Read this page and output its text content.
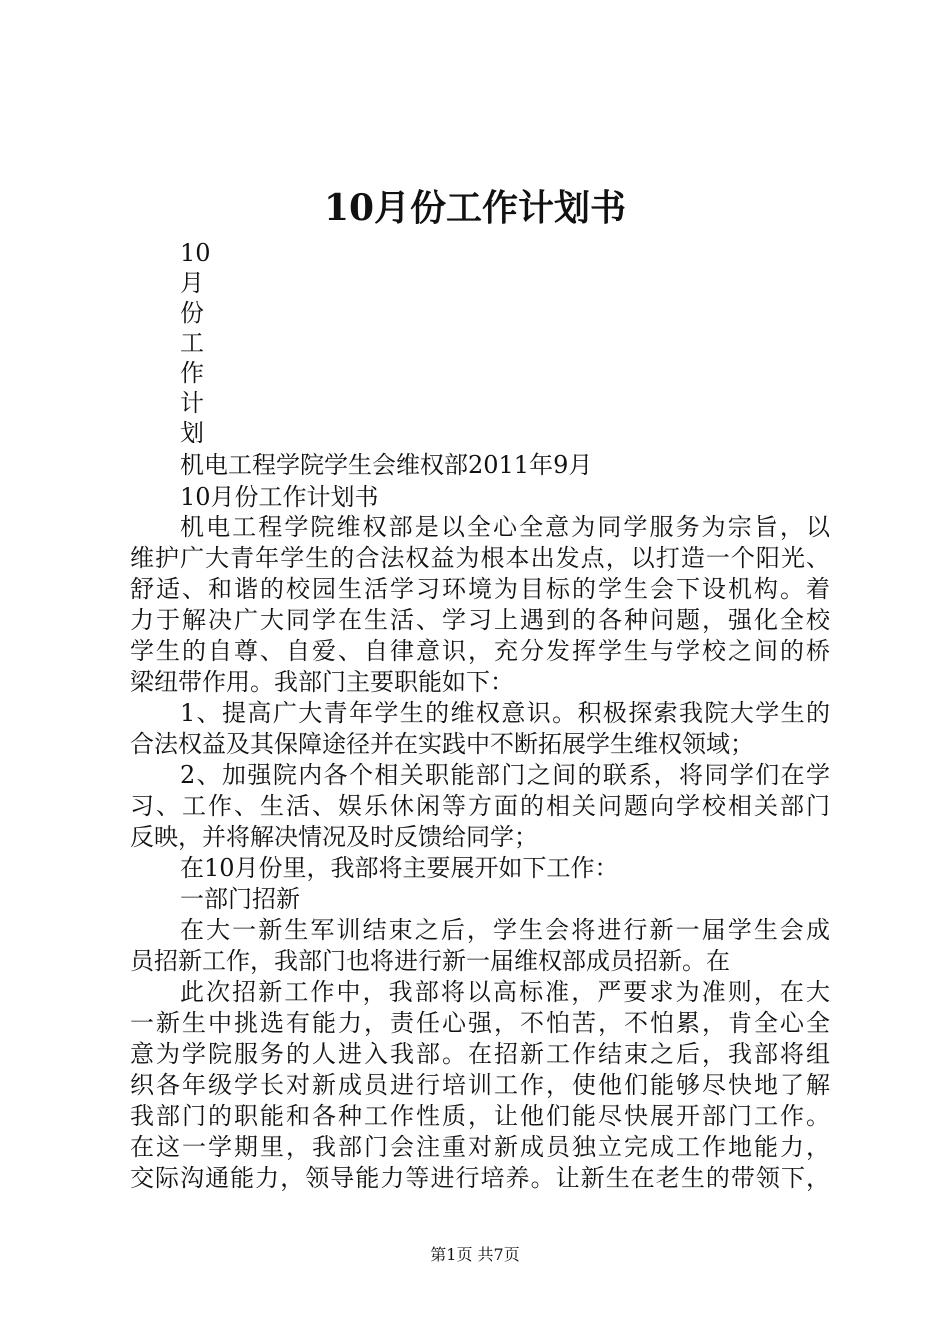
10月份工作计划书
10
月
份
工
作
计
划
机电工程学院学生会维权部2011年9月
10月份工作计划书
机电工程学院维权部是以全心全意为同学服务为宗旨，以
维护广大青年学生的合法权益为根本出发点，以打造一个阳光、
舒适、和谐的校园生活学习环境为目标的学生会下设机构。着
力于解决广大同学在生活、学习上遇到的各种问题，强化全校
学生的自尊、自爱、自律意识，充分发挥学生与学校之间的桥
梁纽带作用。我部门主要职能如下：
1、提高广大青年学生的维权意识。积极探索我院大学生的
合法权益及其保障途径并在实践中不断拓展学生维权领域；
2、加强院内各个相关职能部门之间的联系，将同学们在学
习、工作、生活、娱乐休闲等方面的相关问题向学校相关部门
反映，并将解决情况及时反馈给同学；
在10月份里，我部将主要展开如下工作：
一部门招新
在大一新生军训结束之后，学生会将进行新一届学生会成
员招新工作，我部门也将进行新一届维权部成员招新。在
此次招新工作中，我部将以高标准，严要求为准则，在大
一新生中挑选有能力，责任心强，不怕苦，不怕累，肯全心全
意为学院服务的人进入我部。在招新工作结束之后，我部将组
织各年级学长对新成员进行培训工作，使他们能够尽快地了解
我部门的职能和各种工作性质，让他们能尽快展开部门工作。
在这一学期里，我部门会注重对新成员独立完成工作地能力，
交际沟通能力，领导能力等进行培养。让新生在老生的带领下，
第1页 共7页
